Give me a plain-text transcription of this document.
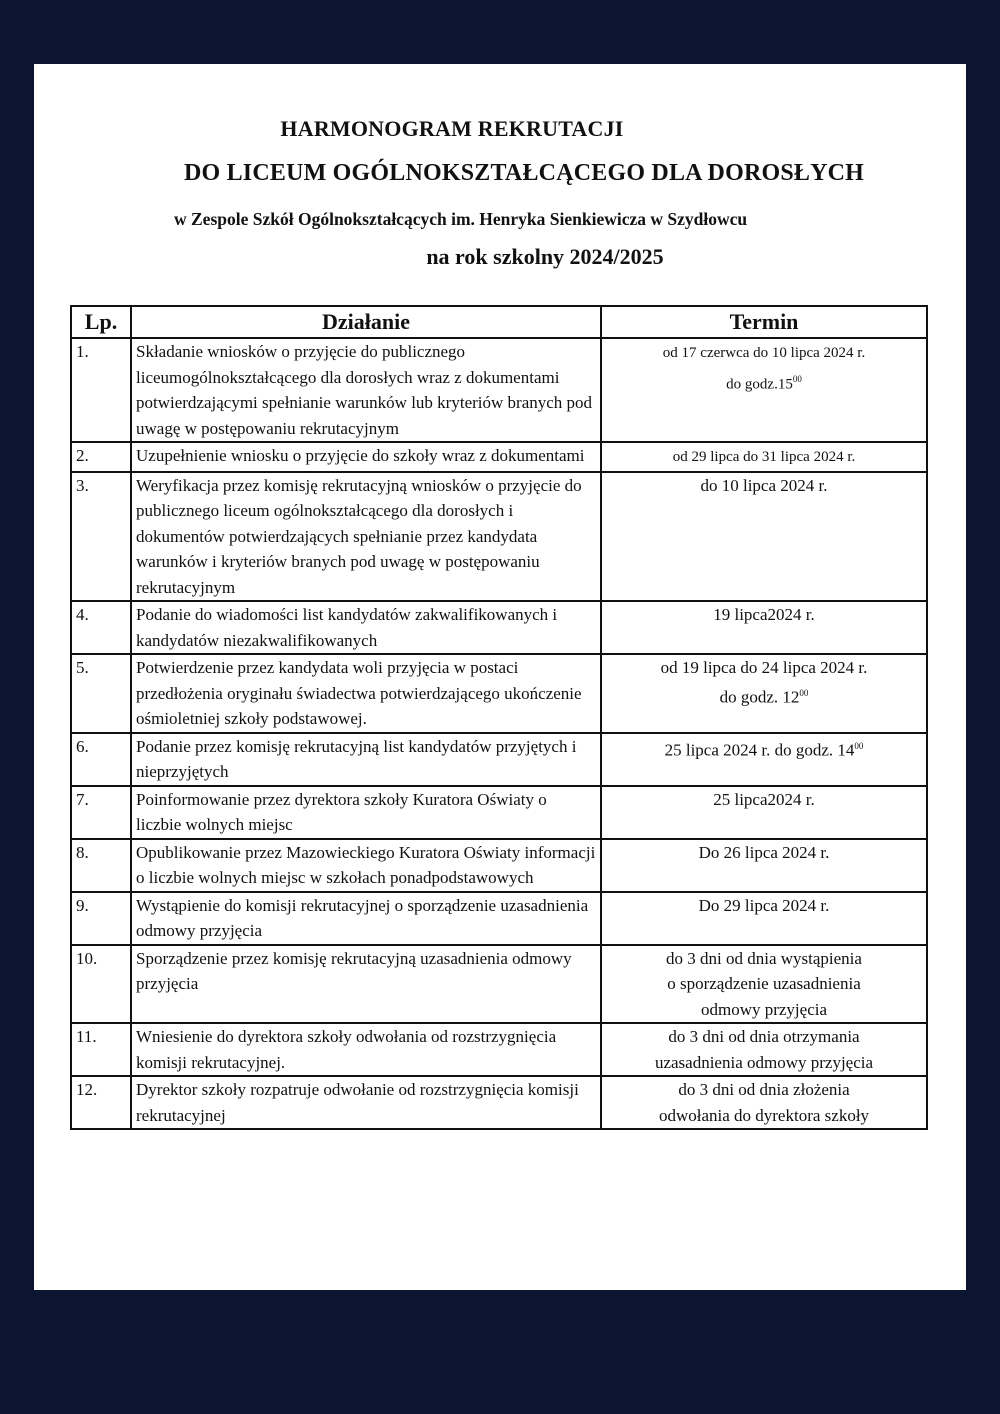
HARMONOGRAM REKRUTACJI
DO LICEUM OGÓLNOKSZTAŁCĄCEGO DLA DOROSŁYCH
w Zespole Szkół Ogólnokształcących im. Henryka Sienkiewicza w Szydłowcu
na rok szkolny 2024/2025
Lp.	Działanie	Termin
1.	Składanie wniosków o przyjęcie do publicznego liceumogólnokształcącego dla dorosłych wraz z dokumentami potwierdzającymi spełnianie warunków lub kryteriów branych pod uwagę w postępowaniu rekrutacyjnym	od 17 czerwca do 10 lipca 2024 r.
do $godz.15^{00}$

2.	Uzupełnienie wniosku o przyjęcie do szkoły wraz z dokumentami	od 29 lipca do 31 lipca 2024 r.

3.	Weryfikacja przez komisję rekrutacyjną wniosków o przyjęcie do publicznego liceum ogólnokształcącego dla dorosłych i dokumentów potwierdzających spełnianie przez kandydata warunków i kryteriów branych pod uwagę w postępowaniu rekrutacyjnym	do 10 lipca 2024 r.

4.	Podanie do wiadomości list kandydatów zakwalifikowanych i kandydatów niezakwalifikowanych	19 lipca2024 r.

5.	Potwierdzenie przez kandydata woli przyjęcia w postaci przedłożenia oryginału świadectwa potwierdzającego ukończenie ośmioletniej szkoły podstawowej.	od 19 lipca do 24 lipca 2024 r.
do godz. $12^{00}$

6.	Podanie przez komisję rekrutacyjną list kandydatów przyjętych i nieprzyjętych	25 lipca 2024 r. do godz. $14^{00}$

7.	Poinformowanie przez dyrektora szkoły Kuratora Oświaty o liczbie wolnych miejsc	25 lipca2024 r.

8.	Opublikowanie przez Mazowieckiego Kuratora Oświaty informacji o liczbie wolnych miejsc w szkołach ponadpodstawowych	Do 26 lipca 2024 r.

9.	Wystąpienie do komisji rekrutacyjnej o sporządzenie uzasadnienia odmowy przyjęcia	Do 29 lipca 2024 r.

10.	Sporządzenie przez komisję rekrutacyjną uzasadnienia odmowy przyjęcia	do 3 dni od dnia wystąpienia
o sporządzenie uzasadnienia
odmowy przyjęcia

11.	Wniesienie do dyrektora szkoły odwołania od rozstrzygnięcia komisji rekrutacyjnej.	do 3 dni od dnia otrzymania
uzasadnienia odmowy przyjęcia

12.	Dyrektor szkoły rozpatruje odwołanie od rozstrzygnięcia komisji rekrutacyjnej	do 3 dni od dnia złożenia
odwołania do dyrektora szkoły
